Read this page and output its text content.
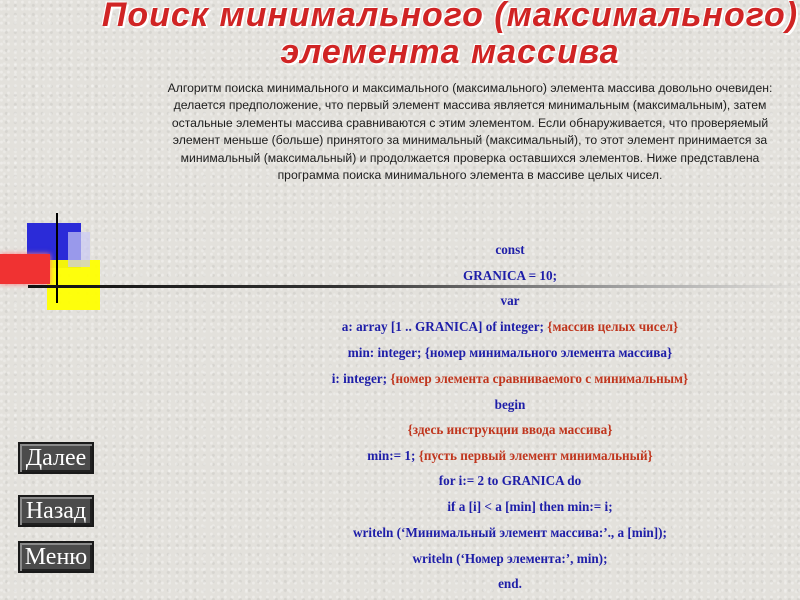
Поиск минимального (максимального)
элемента массива
Алгоритм поиска минимального и максимального (максимального) элемента массива довольно очевиден: делается предположение, что первый элемент массива является минимальным (максимальным), затем остальные элементы массива сравниваются с этим элементом. Если обнаруживается, что проверяемый элемент меньше (больше) принятого за минимальный (максимальный), то этот элемент принимается за минимальный (максимальный) и продолжается проверка оставшихся элементов. Ниже представлена программа поиска минимального элемента в массиве целых чисел.
const
GRANICA = 10;
var
a: array [1 .. GRANICA] of integer; {массив целых чисел}
min: integer; {номер минимального элемента массива}
i: integer; {номер элемента сравниваемого с минимальным}
begin
{здесь инструкции ввода массива}
min:= 1; {пусть первый элемент минимальный}
for i:= 2 to GRANICA do
if a [i] < a [min] then min:= i;
writeln (‘Минимальный элемент массива:’., a [min]);
writeln (‘Номер элемента:’, min);
end.
Далее
Назад
Меню
